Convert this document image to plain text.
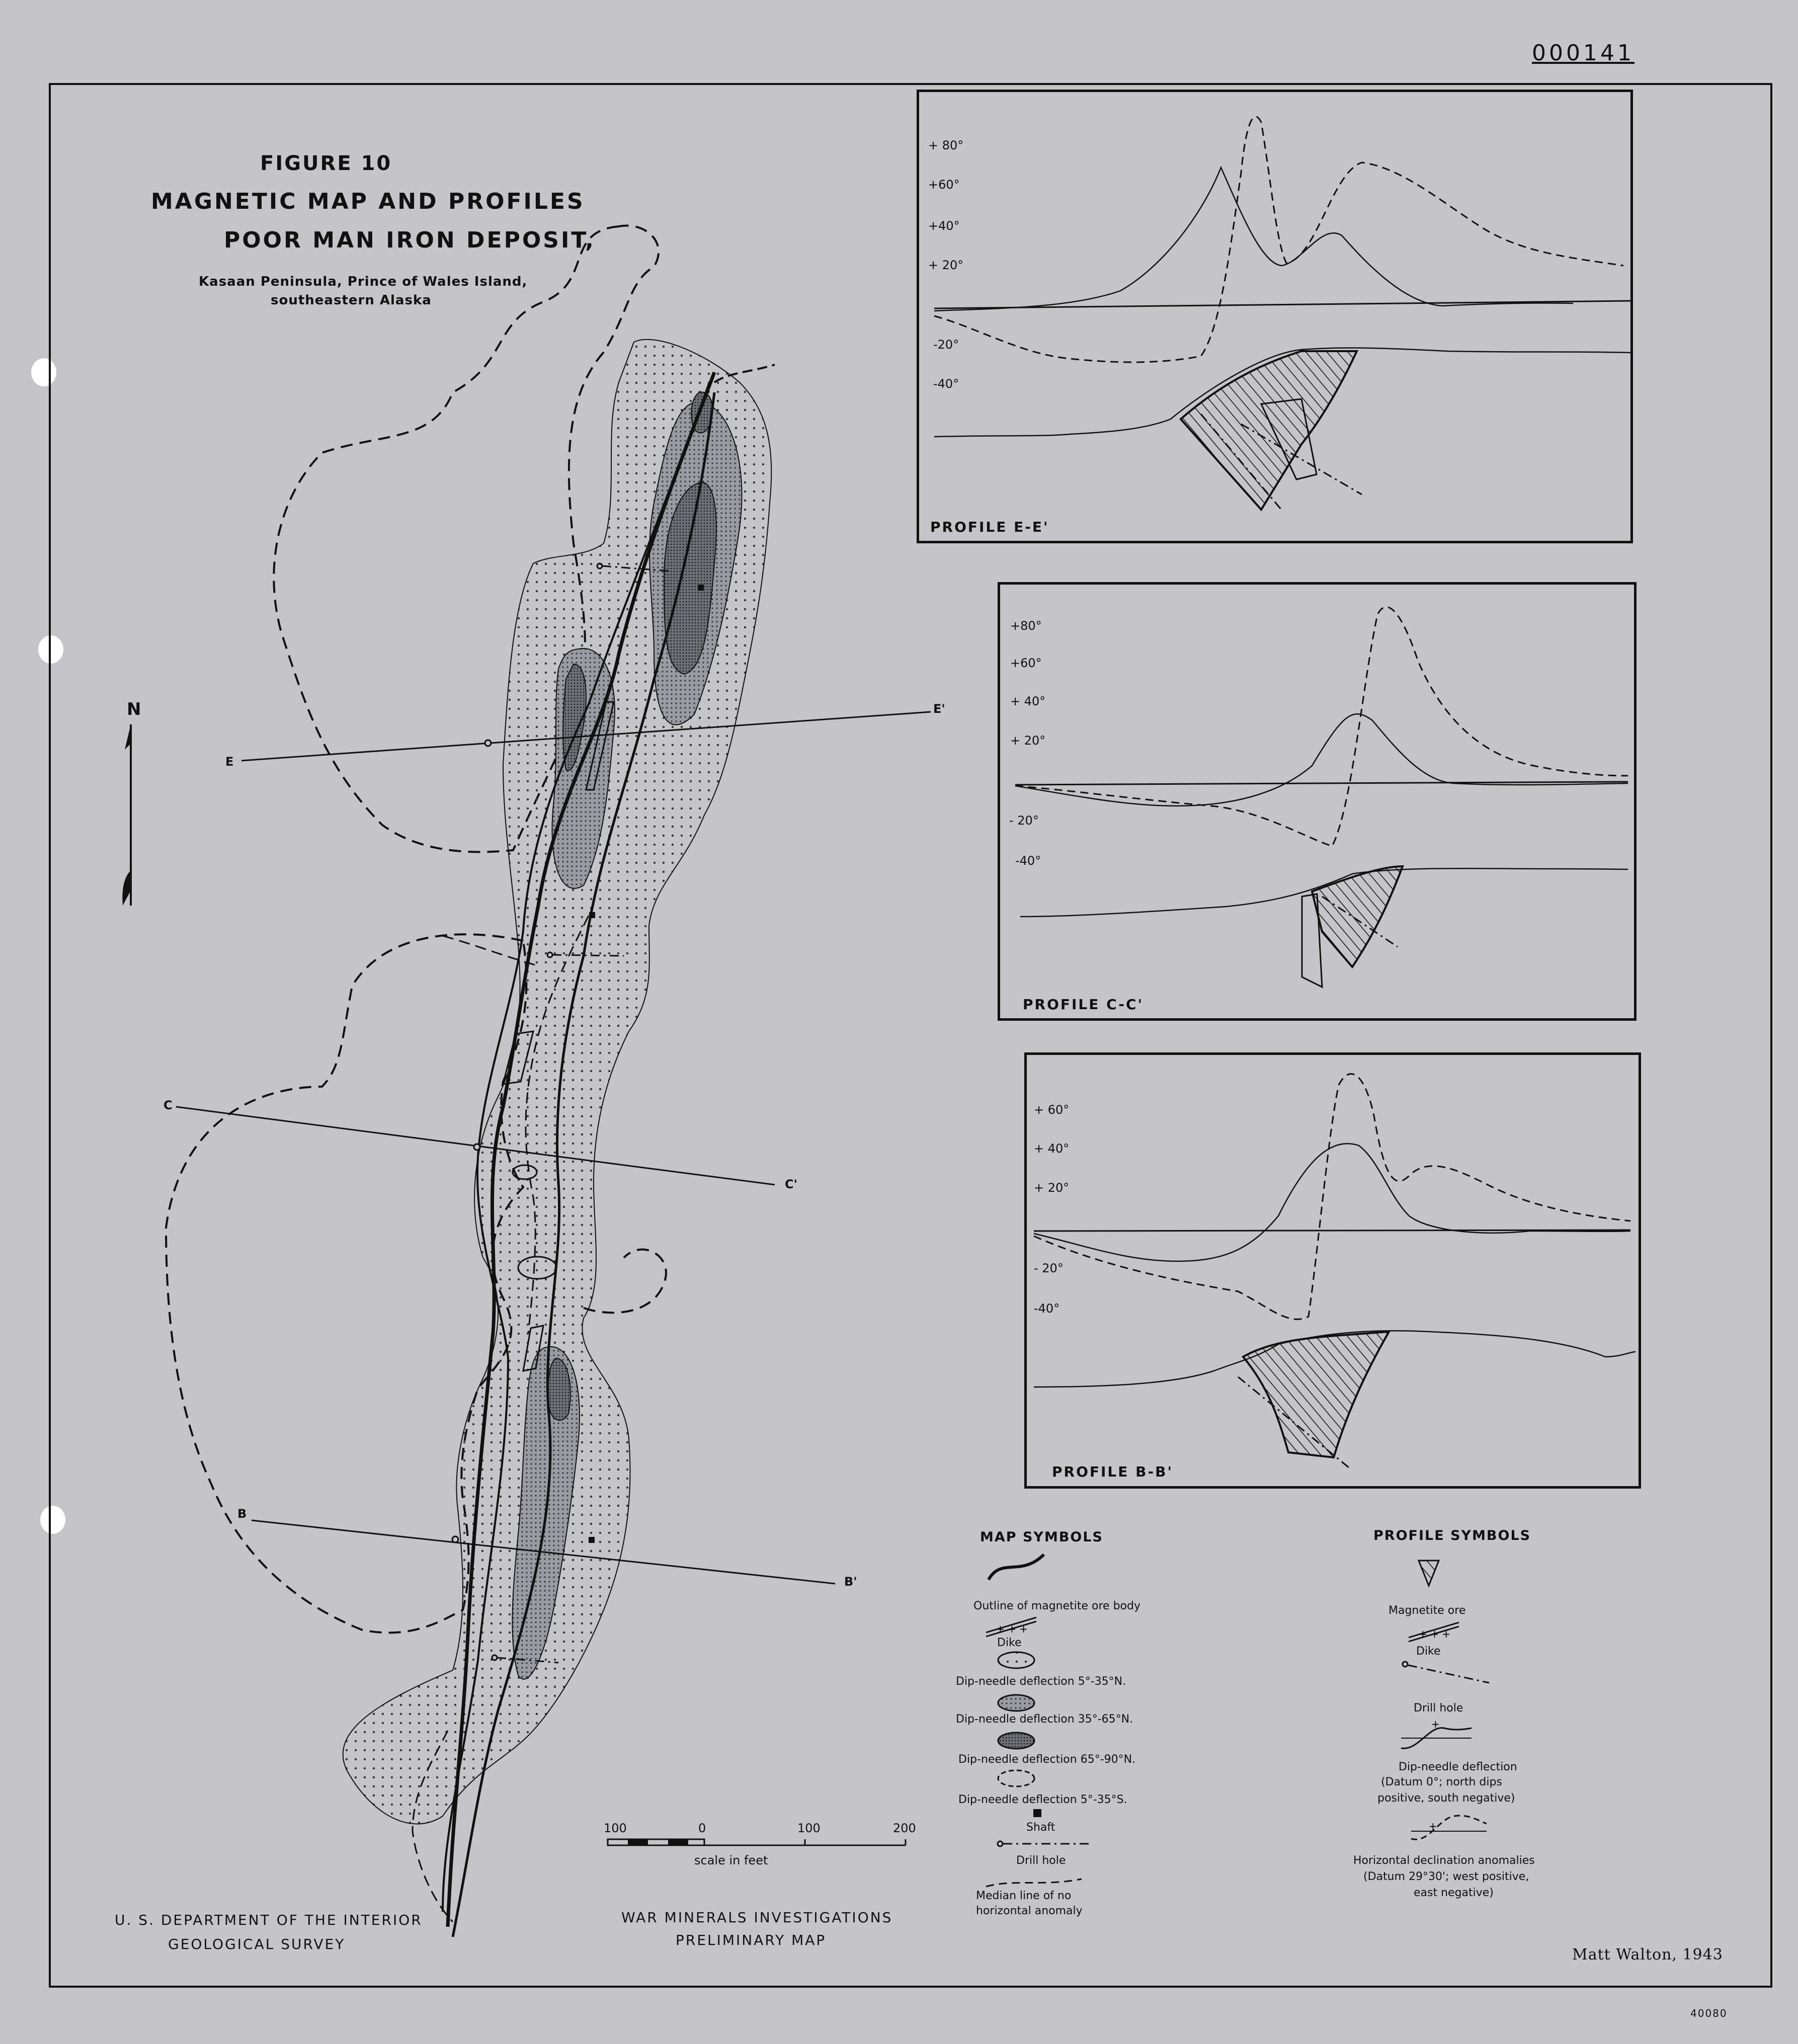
000141
FIGURE 10
MAGNETIC MAP AND PROFILES
POOR MAN IRON DEPOSIT,
Kasaan Peninsula, Prince of Wales Island,
southeastern Alaska
N
E
E'
C
C'
B
B'
+ 80°
+60°
+40°
+ 20°
-20°
-40°
PROFILE E-E'
+80°
+60°
+ 40°
+ 20°
- 20°
-40°
PROFILE C-C'
+ 60°
+ 40°
+ 20°
- 20°
-40°
PROFILE B-B'
100	0	100	200
scale in feet
MAP SYMBOLS
Outline of magnetite ore body
+ + +
Dike
Dip-needle deflection 5°-35°N.
Dip-needle deflection 35°-65°N.
Dip-needle deflection 65°-90°N.
Dip-needle deflection 5°-35°S.
Shaft
Drill hole
Median line of no
horizontal anomaly
PROFILE SYMBOLS
Magnetite ore
+ + +
Dike
Drill hole
+
Dip-needle deflection
(Datum 0°; north dips
positive, south negative)
+
Horizontal declination anomalies
(Datum 29°30'; west positive,
east negative)
U. S. DEPARTMENT OF THE INTERIOR
GEOLOGICAL SURVEY
WAR MINERALS INVESTIGATIONS
PRELIMINARY MAP
Matt Walton, 1943
40080
